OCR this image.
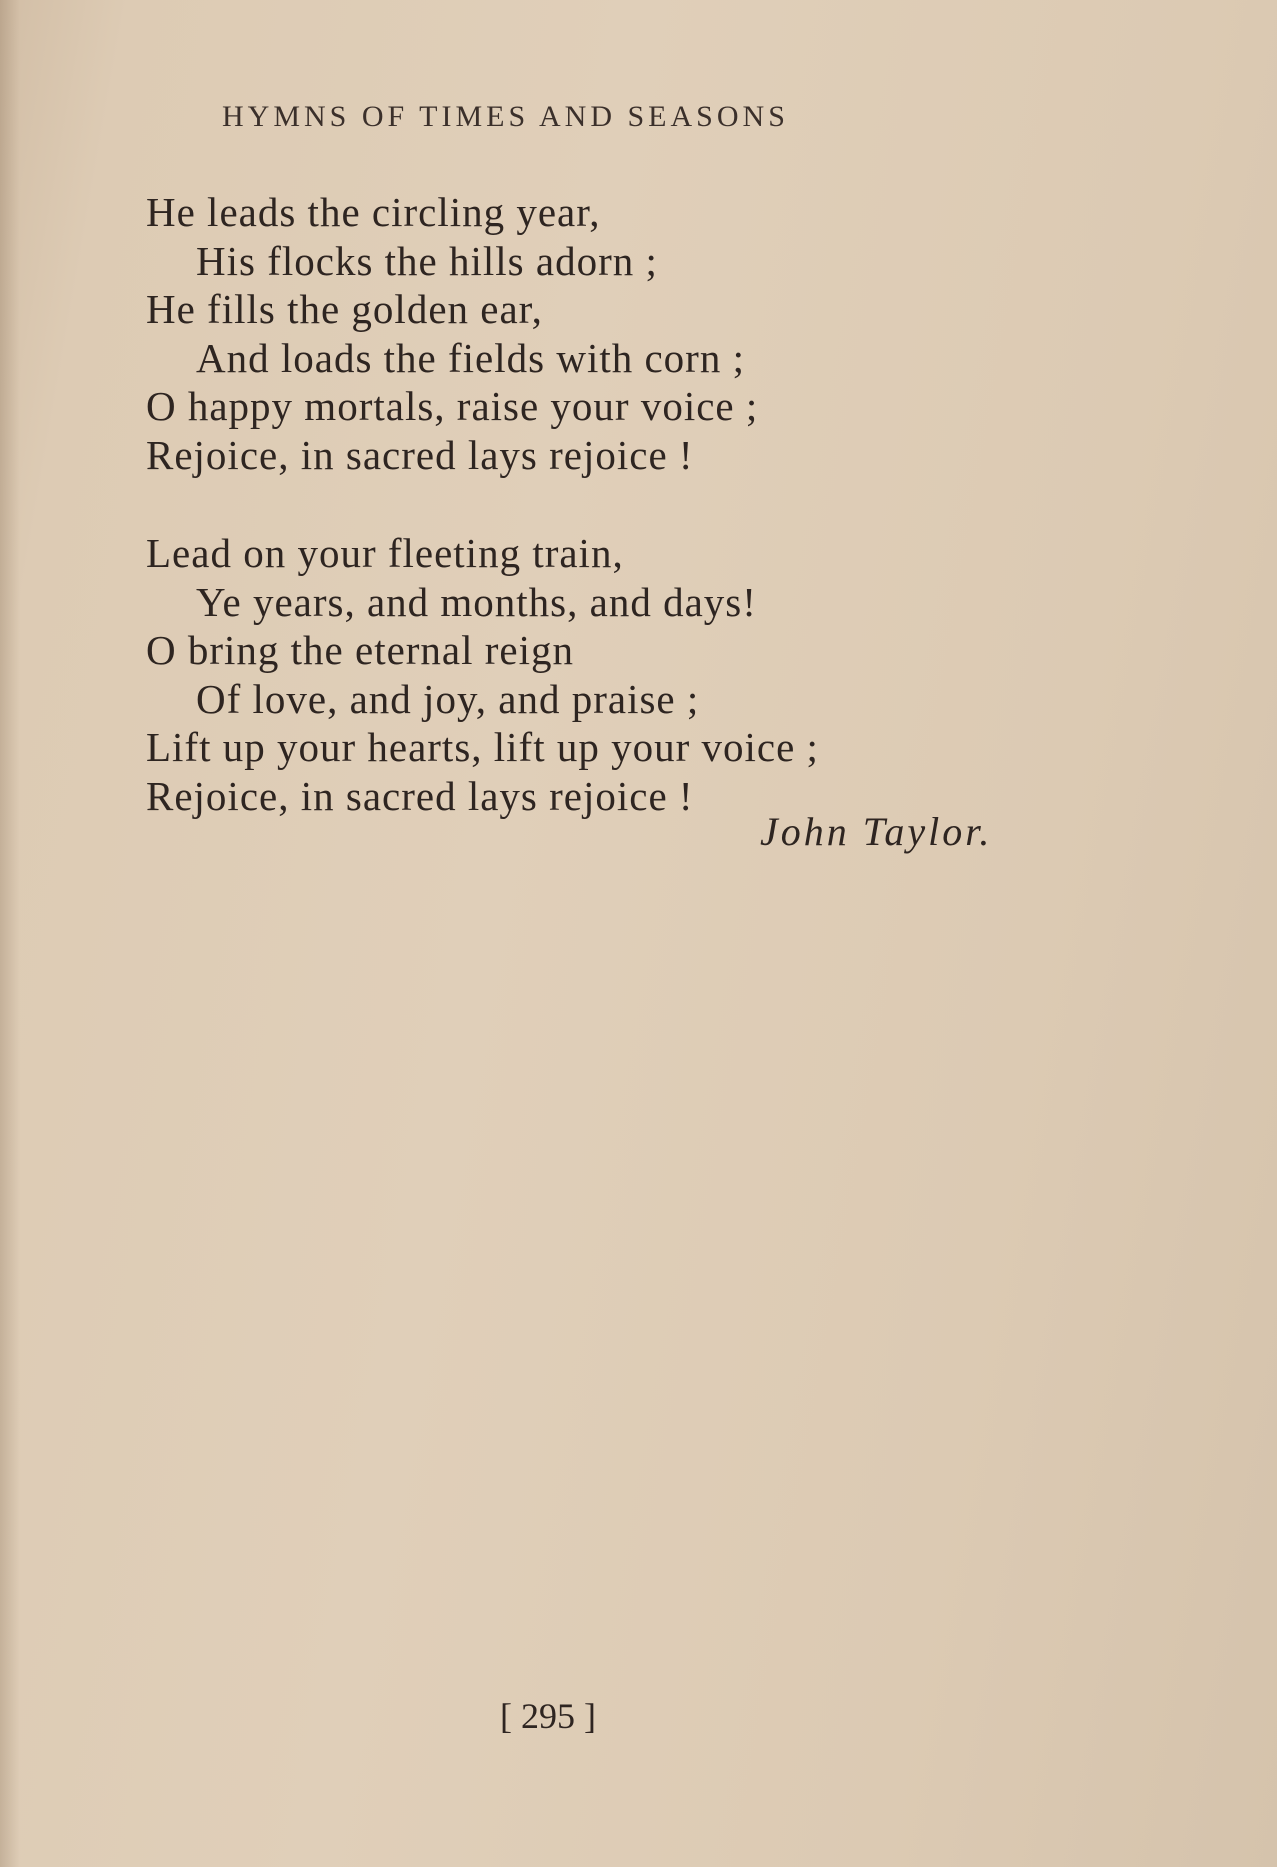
HYMNS OF TIMES AND SEASONS
He leads the circling year,
His flocks the hills adorn ;
He fills the golden ear,
And loads the fields with corn ;
O happy mortals, raise your voice ;
Rejoice, in sacred lays rejoice !
Lead on your fleeting train,
Ye years, and months, and days!
O bring the eternal reign
Of love, and joy, and praise ;
Lift up your hearts, lift up your voice ;
Rejoice, in sacred lays rejoice !
John Taylor.
[ 295 ]
